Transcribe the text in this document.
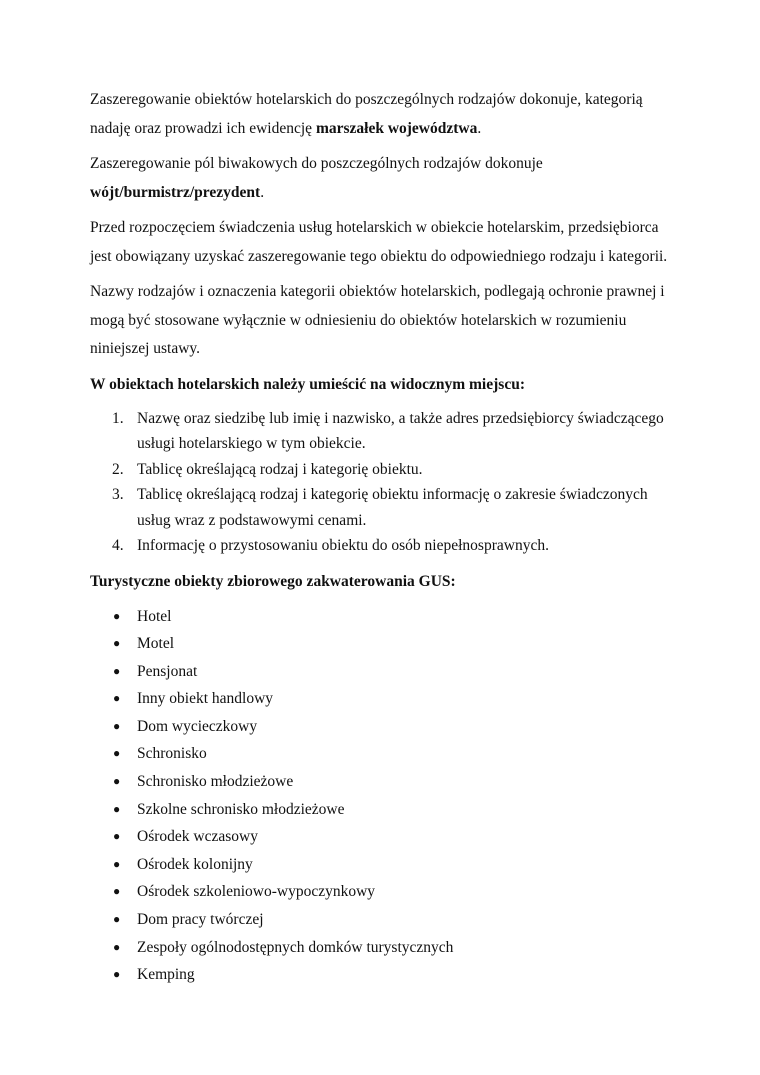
Zaszeregowanie obiektów hotelarskich do poszczególnych rodzajów dokonuje, kategorią nadaję oraz prowadzi ich ewidencję marszałek województwa.

Zaszeregowanie pól biwakowych do poszczególnych rodzajów dokonuje
wójt/burmistrz/prezydent.

Przed rozpoczęciem świadczenia usług hotelarskich w obiekcie hotelarskim, przedsiębiorca jest obowiązany uzyskać zaszeregowanie tego obiektu do odpowiedniego rodzaju i kategorii.

Nazwy rodzajów i oznaczenia kategorii obiektów hotelarskich, podlegają ochronie prawnej i mogą być stosowane wyłącznie w odniesieniu do obiektów hotelarskich w rozumieniu niniejszej ustawy.

W obiektach hotelarskich należy umieścić na widocznym miejscu:

1. Nazwę oraz siedzibę lub imię i nazwisko, a także adres przedsiębiorcy świadczącego usługi hotelarskiego w tym obiekcie.
2. Tablicę określającą rodzaj i kategorię obiektu.
3. Tablicę określającą rodzaj i kategorię obiektu informację o zakresie świadczonych usług wraz z podstawowymi cenami.
4. Informację o przystosowaniu obiektu do osób niepełnosprawnych.

Turystyczne obiekty zbiorowego zakwaterowania GUS:

● Hotel
● Motel
● Pensjonat
● Inny obiekt handlowy
● Dom wycieczkowy
● Schronisko
● Schronisko młodzieżowe
● Szkolne schronisko młodzieżowe
● Ośrodek wczasowy
● Ośrodek kolonijny
● Ośrodek szkoleniowo-wypoczynkowy
● Dom pracy twórczej
● Zespoły ogólnodostępnych domków turystycznych
● Kemping
